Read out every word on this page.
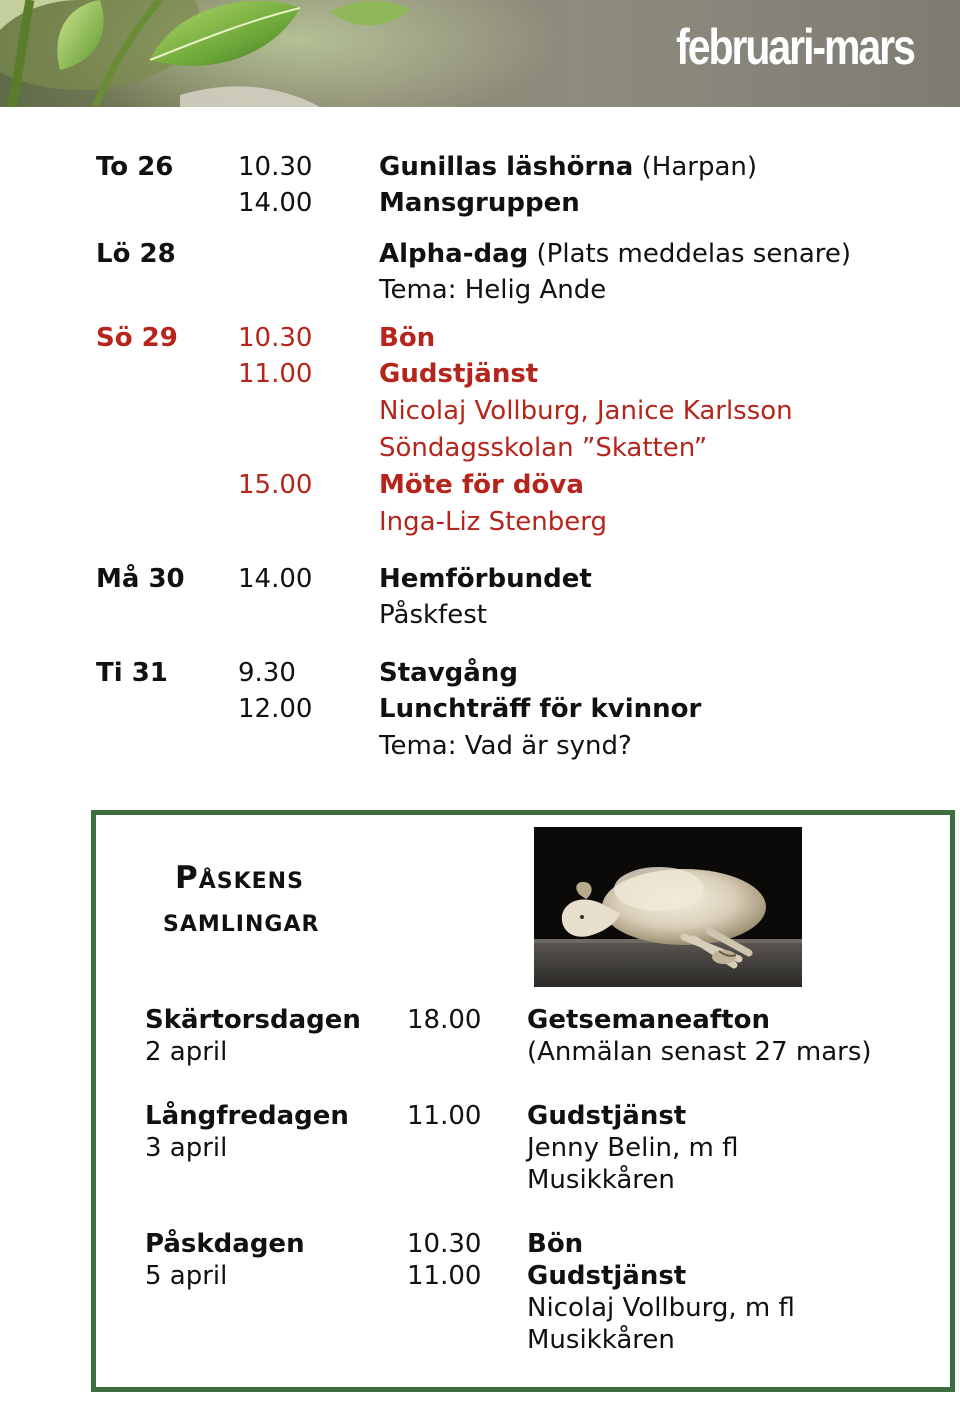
februari-mars
To 26 10.30	Gunillas läshörna (Harpan)
14.00	Mansgruppen
Lö 28	Alpha-dag (Plats meddelas senare)
Tema: Helig Ande
Sö 29 10.30	Bön
11.00	Gudstjänst
Nicolaj Vollburg, Janice Karlsson
Söndagsskolan ”Skatten”
15.00	Möte för döva
Inga-Liz Stenberg
Må 30 14.00	Hemförbundet
Påskfest
Ti 31	9.30	Stavgång
12.00	Lunchträff för kvinnor
Tema: Vad är synd?
Påskens
samlingar
Skärtorsdagen 18.00 Getsemaneafton
2 april	(Anmälan senast 27 mars)
Långfredagen 11.00 Gudstjänst
3 april	Jenny Belin, m fl
Musikkåren
Påskdagen	10.30 Bön
5 april	11.00 Gudstjänst
Nicolaj Vollburg, m fl
Musikkåren
